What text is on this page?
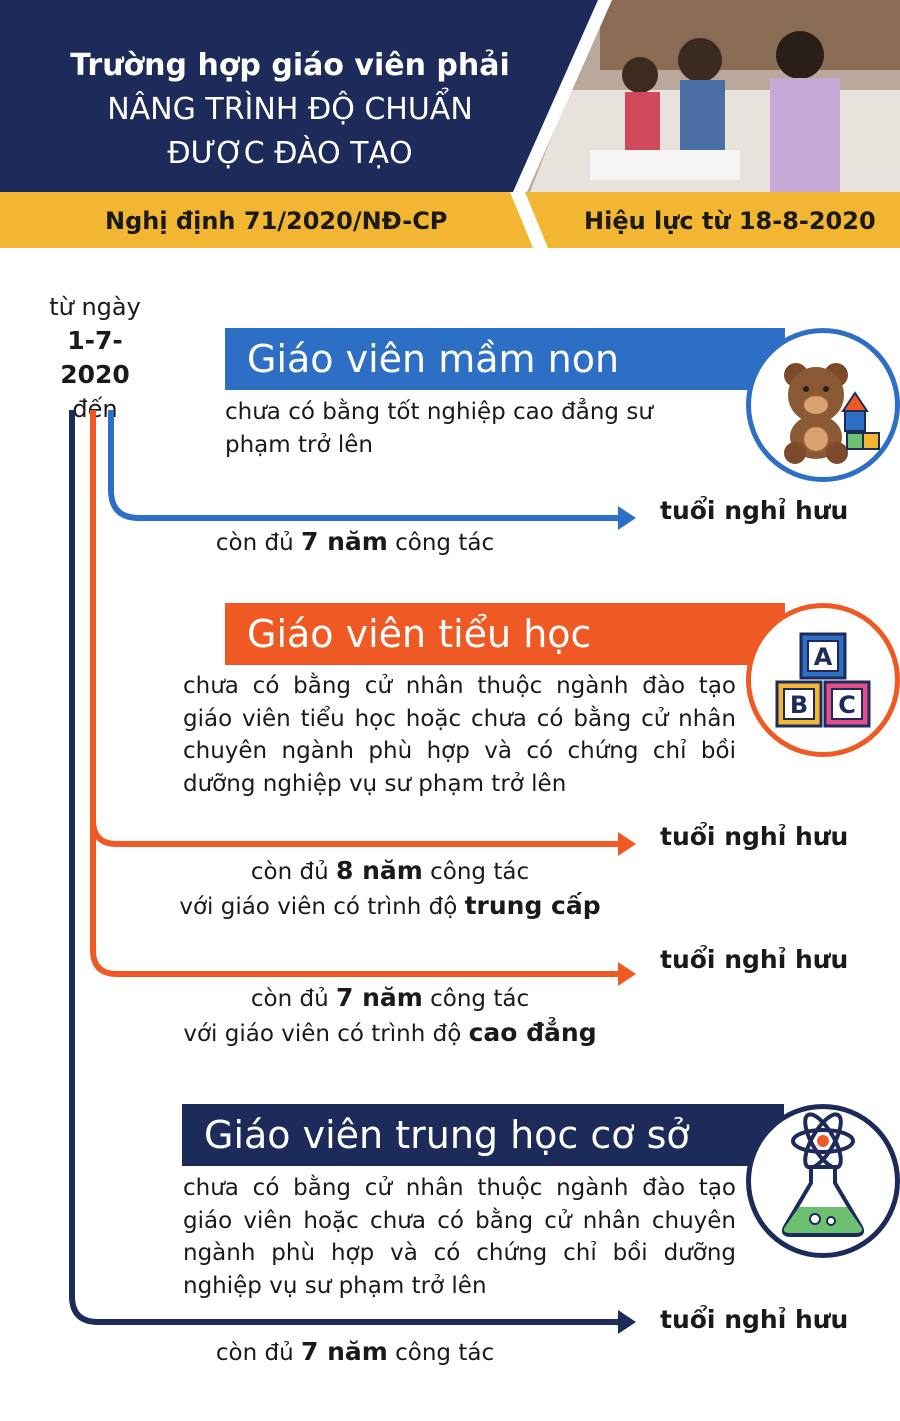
Trường hợp giáo viên phải
NÂNG TRÌNH ĐỘ CHUẨN
ĐƯỢC ĐÀO TẠO
Nghị định 71/2020/NĐ-CP	Hiệu lực từ 18-8-2020
từ ngày
1-7-2020
đến
Giáo viên mầm non
chưa có bằng tốt nghiệp cao đẳng sư phạm trở lên
tuổi nghỉ hưu
còn đủ 7 năm công tác
Giáo viên tiểu học
A
B C
chưa có bằng cử nhân thuộc ngành đào tạo giáo viên tiểu học hoặc chưa có bằng cử nhân chuyên ngành phù hợp và có chứng chỉ bồi dưỡng nghiệp vụ sư phạm trở lên
tuổi nghỉ hưu
còn đủ 8 năm công tác
với giáo viên có trình độ trung cấp
tuổi nghỉ hưu
còn đủ 7 năm công tác
với giáo viên có trình độ cao đẳng
Giáo viên trung học cơ sở
chưa có bằng cử nhân thuộc ngành đào tạo giáo viên hoặc chưa có bằng cử nhân chuyên ngành phù hợp và có chứng chỉ bồi dưỡng nghiệp vụ sư phạm trở lên
tuổi nghỉ hưu
còn đủ 7 năm công tác
